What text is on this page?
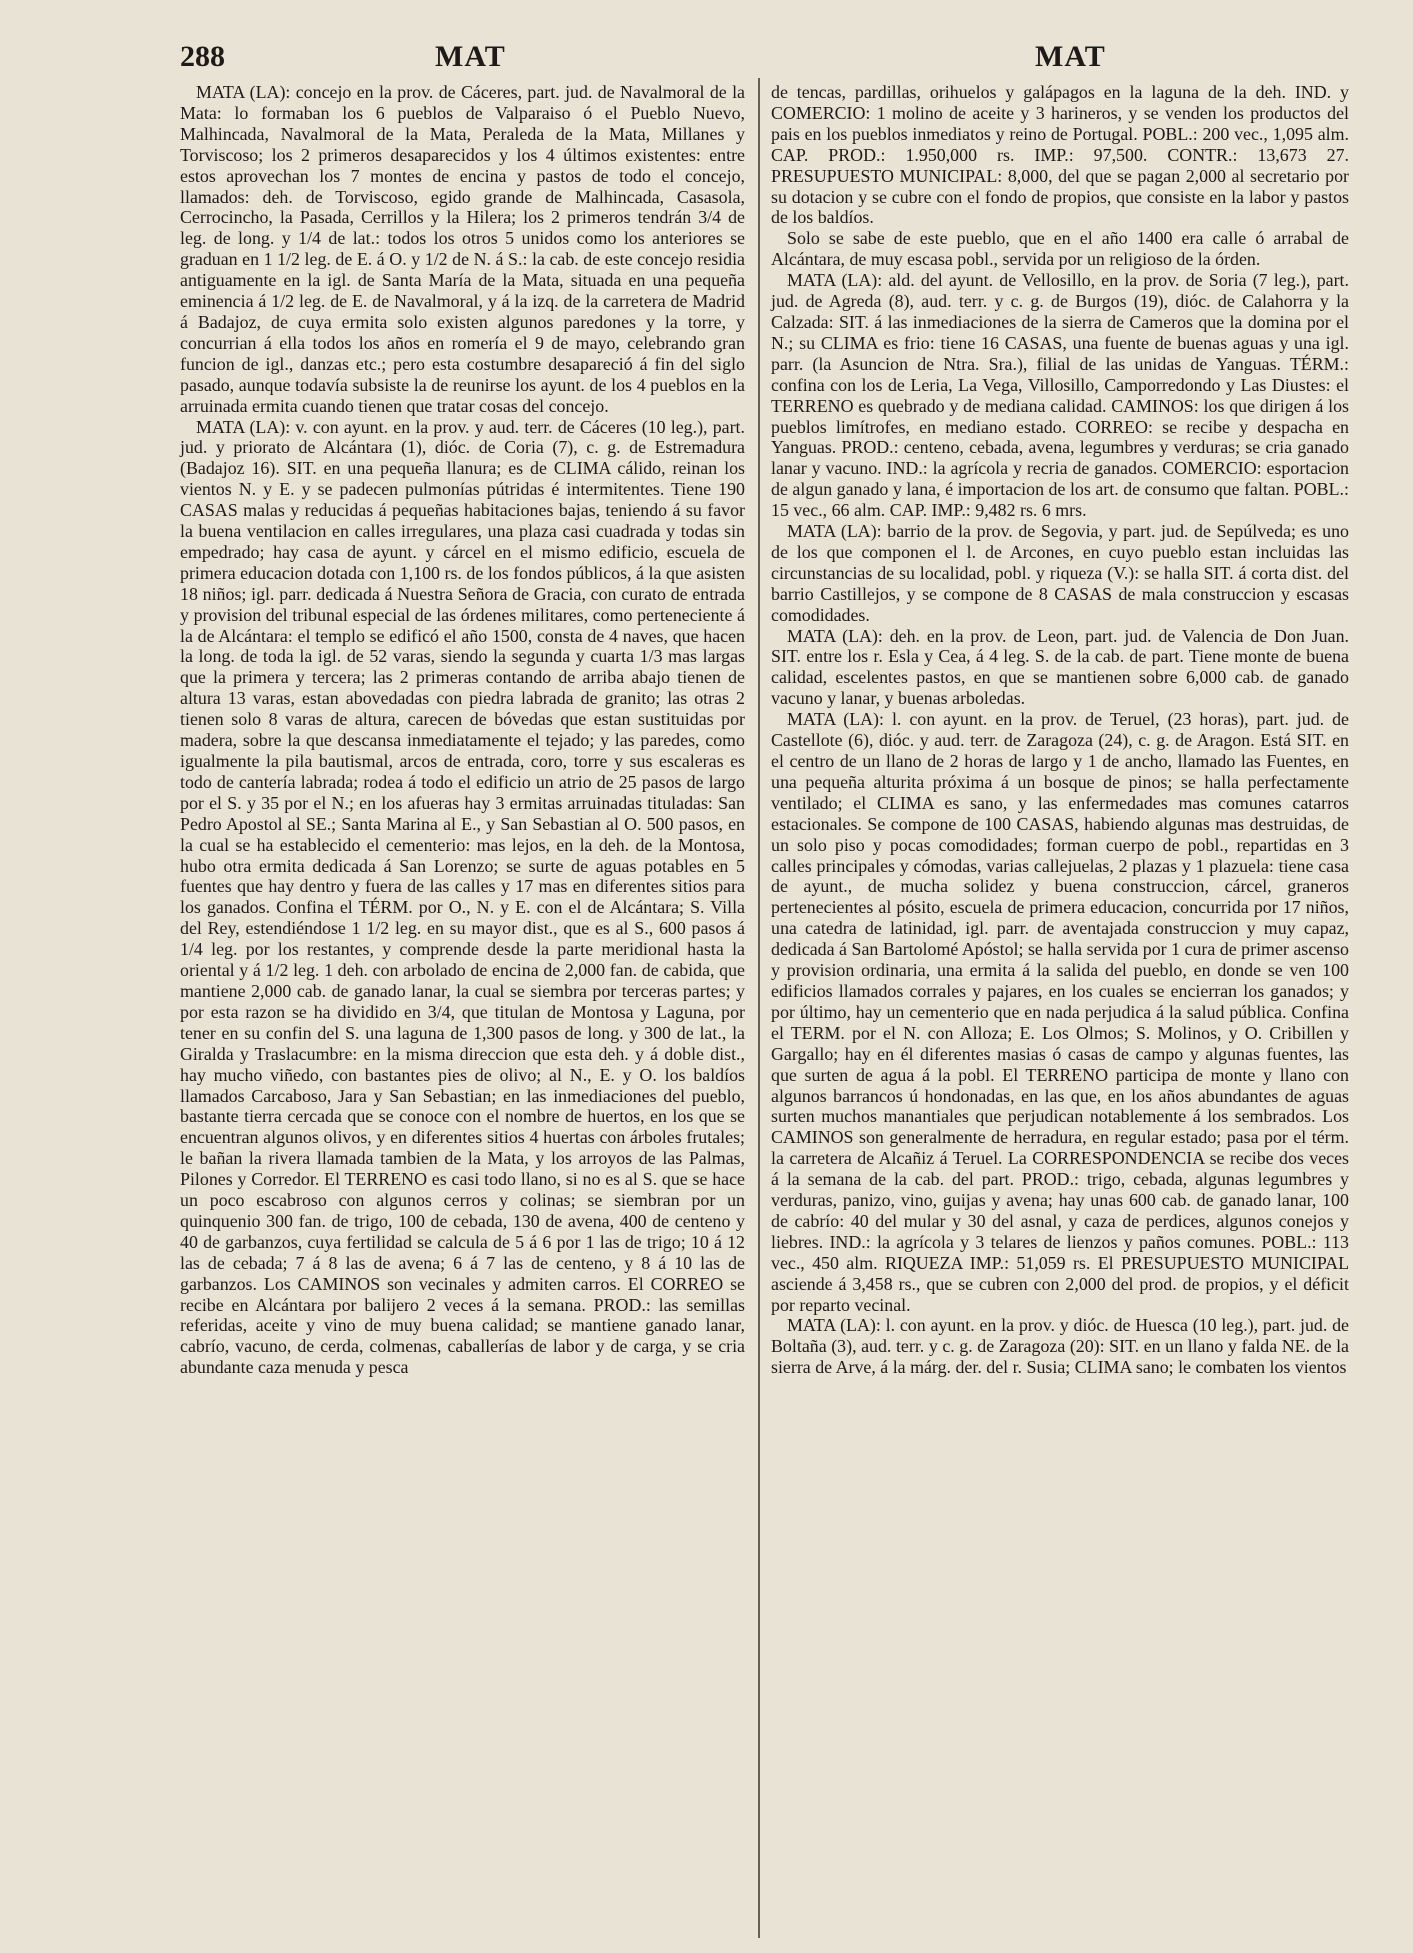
288	MAT	MAT

MATA (LA): concejo en la prov. de Cáceres, part. jud. de Navalmoral de la Mata: lo formaban los 6 pueblos de Valparaiso ó el Pueblo Nuevo, Malhincada, Navalmoral de la Mata, Peraleda de la Mata, Millanes y Torviscoso; los 2 primeros desaparecidos y los 4 últimos existentes: entre estos aprovechan los 7 montes de encina y pastos de todo el concejo, llamados: deh. de Torviscoso, egido grande de Malhincada, Casasola, Cerrocincho, la Pasada, Cerrillos y la Hilera; los 2 primeros tendrán 3/4 de leg. de long. y 1/4 de lat.: todos los otros 5 unidos como los anteriores se graduan en 1 1/2 leg. de E. á O. y 1/2 de N. á S.: la cab. de este concejo residia antiguamente en la igl. de Santa María de la Mata, situada en una pequeña eminencia á 1/2 leg. de E. de Navalmoral, y á la izq. de la carretera de Madrid á Badajoz, de cuya ermita solo existen algunos paredones y la torre, y concurrian á ella todos los años en romería el 9 de mayo, celebrando gran funcion de igl., danzas etc.; pero esta costumbre desapareció á fin del siglo pasado, aunque todavía subsiste la de reunirse los ayunt. de los 4 pueblos en la arruinada ermita cuando tienen que tratar cosas del concejo.

MATA (LA): v. con ayunt. en la prov. y aud. terr. de Cáceres (10 leg.), part. jud. y priorato de Alcántara (1), dióc. de Coria (7), c. g. de Estremadura (Badajoz 16). SIT. en una pequeña llanura; es de CLIMA cálido, reinan los vientos N. y E. y se padecen pulmonías pútridas é intermitentes. Tiene 190 CASAS malas y reducidas á pequeñas habitaciones bajas, teniendo á su favor la buena ventilacion en calles irregulares, una plaza casi cuadrada y todas sin empedrado; hay casa de ayunt. y cárcel en el mismo edificio, escuela de primera educacion dotada con 1,100 rs. de los fondos públicos, á la que asisten 18 niños; igl. parr. dedicada á Nuestra Señora de Gracia, con curato de entrada y provision del tribunal especial de las órdenes militares, como perteneciente á la de Alcántara: el templo se edificó el año 1500, consta de 4 naves, que hacen la long. de toda la igl. de 52 varas, siendo la segunda y cuarta 1/3 mas largas que la primera y tercera; las 2 primeras contando de arriba abajo tienen de altura 13 varas, estan abovedadas con piedra labrada de granito; las otras 2 tienen solo 8 varas de altura, carecen de bóvedas que estan sustituidas por madera, sobre la que descansa inmediatamente el tejado; y las paredes, como igualmente la pila bautismal, arcos de entrada, coro, torre y sus escaleras es todo de cantería labrada; rodea á todo el edificio un atrio de 25 pasos de largo por el S. y 35 por el N.; en los afueras hay 3 ermitas arruinadas tituladas: San Pedro Apostol al SE.; Santa Marina al E., y San Sebastian al O. 500 pasos, en la cual se ha establecido el cementerio: mas lejos, en la deh. de la Montosa, hubo otra ermita dedicada á San Lorenzo; se surte de aguas potables en 5 fuentes que hay dentro y fuera de las calles y 17 mas en diferentes sitios para los ganados. Confina el TÉRM. por O., N. y E. con el de Alcántara; S. Villa del Rey, estendiéndose 1 1/2 leg. en su mayor dist., que es al S., 600 pasos á 1/4 leg. por los restantes, y comprende desde la parte meridional hasta la oriental y á 1/2 leg. 1 deh. con arbolado de encina de 2,000 fan. de cabida, que mantiene 2,000 cab. de ganado lanar, la cual se siembra por terceras partes; y por esta razon se ha dividido en 3/4, que titulan de Montosa y Laguna, por tener en su confin del S. una laguna de 1,300 pasos de long. y 300 de lat., la Giralda y Traslacumbre: en la misma direccion que esta deh. y á doble dist., hay mucho viñedo, con bastantes pies de olivo; al N., E. y O. los baldíos llamados Carcaboso, Jara y San Sebastian; en las inmediaciones del pueblo, bastante tierra cercada que se conoce con el nombre de huertos, en los que se encuentran algunos olivos, y en diferentes sitios 4 huertas con árboles frutales; le bañan la rivera llamada tambien de la Mata, y los arroyos de las Palmas, Pilones y Corredor. El TERRENO es casi todo llano, si no es al S. que se hace un poco escabroso con algunos cerros y colinas; se siembran por un quinquenio 300 fan. de trigo, 100 de cebada, 130 de avena, 400 de centeno y 40 de garbanzos, cuya fertilidad se calcula de 5 á 6 por 1 las de trigo; 10 á 12 las de cebada; 7 á 8 las de avena; 6 á 7 las de centeno, y 8 á 10 las de garbanzos. Los CAMINOS son vecinales y admiten carros. El CORREO se recibe en Alcántara por balijero 2 veces á la semana. PROD.: las semillas referidas, aceite y vino de muy buena calidad; se mantiene ganado lanar, cabrío, vacuno, de cerda, colmenas, caballerías de labor y de carga, y se cria abundante caza menuda y pesca

de tencas, pardillas, orihuelos y galápagos en la laguna de la deh. IND. y COMERCIO: 1 molino de aceite y 3 harineros, y se venden los productos del pais en los pueblos inmediatos y reino de Portugal. POBL.: 200 vec., 1,095 alm. CAP. PROD.: 1.950,000 rs. IMP.: 97,500. CONTR.: 13,673 27. PRESUPUESTO MUNICIPAL: 8,000, del que se pagan 2,000 al secretario por su dotacion y se cubre con el fondo de propios, que consiste en la labor y pastos de los baldíos.

Solo se sabe de este pueblo, que en el año 1400 era calle ó arrabal de Alcántara, de muy escasa pobl., servida por un religioso de la órden.

MATA (LA): ald. del ayunt. de Vellosillo, en la prov. de Soria (7 leg.), part. jud. de Agreda (8), aud. terr. y c. g. de Burgos (19), dióc. de Calahorra y la Calzada: SIT. á las inmediaciones de la sierra de Cameros que la domina por el N.; su CLIMA es frio: tiene 16 CASAS, una fuente de buenas aguas y una igl. parr. (la Asuncion de Ntra. Sra.), filial de las unidas de Yanguas. TÉRM.: confina con los de Leria, La Vega, Villosillo, Camporredondo y Las Diustes: el TERRENO es quebrado y de mediana calidad. CAMINOS: los que dirigen á los pueblos limítrofes, en mediano estado. CORREO: se recibe y despacha en Yanguas. PROD.: centeno, cebada, avena, legumbres y verduras; se cria ganado lanar y vacuno. IND.: la agrícola y recria de ganados. COMERCIO: esportacion de algun ganado y lana, é importacion de los art. de consumo que faltan. POBL.: 15 vec., 66 alm. CAP. IMP.: 9,482 rs. 6 mrs.

MATA (LA): barrio de la prov. de Segovia, y part. jud. de Sepúlveda; es uno de los que componen el l. de Arcones, en cuyo pueblo estan incluidas las circunstancias de su localidad, pobl. y riqueza (V.): se halla SIT. á corta dist. del barrio Castillejos, y se compone de 8 CASAS de mala construccion y escasas comodidades.

MATA (LA): deh. en la prov. de Leon, part. jud. de Valencia de Don Juan. SIT. entre los r. Esla y Cea, á 4 leg. S. de la cab. de part. Tiene monte de buena calidad, escelentes pastos, en que se mantienen sobre 6,000 cab. de ganado vacuno y lanar, y buenas arboledas.

MATA (LA): l. con ayunt. en la prov. de Teruel, (23 horas), part. jud. de Castellote (6), dióc. y aud. terr. de Zaragoza (24), c. g. de Aragon. Está SIT. en el centro de un llano de 2 horas de largo y 1 de ancho, llamado las Fuentes, en una pequeña alturita próxima á un bosque de pinos; se halla perfectamente ventilado; el CLIMA es sano, y las enfermedades mas comunes catarros estacionales. Se compone de 100 CASAS, habiendo algunas mas destruidas, de un solo piso y pocas comodidades; forman cuerpo de pobl., repartidas en 3 calles principales y cómodas, varias callejuelas, 2 plazas y 1 plazuela: tiene casa de ayunt., de mucha solidez y buena construccion, cárcel, graneros pertenecientes al pósito, escuela de primera educacion, concurrida por 17 niños, una catedra de latinidad, igl. parr. de aventajada construccion y muy capaz, dedicada á San Bartolomé Apóstol; se halla servida por 1 cura de primer ascenso y provision ordinaria, una ermita á la salida del pueblo, en donde se ven 100 edificios llamados corrales y pajares, en los cuales se encierran los ganados; y por último, hay un cementerio que en nada perjudica á la salud pública. Confina el TERM. por el N. con Alloza; E. Los Olmos; S. Molinos, y O. Cribillen y Gargallo; hay en él diferentes masias ó casas de campo y algunas fuentes, las que surten de agua á la pobl. El TERRENO participa de monte y llano con algunos barrancos ú hondonadas, en las que, en los años abundantes de aguas surten muchos manantiales que perjudican notablemente á los sembrados. Los CAMINOS son generalmente de herradura, en regular estado; pasa por el térm. la carretera de Alcañiz á Teruel. La CORRESPONDENCIA se recibe dos veces á la semana de la cab. del part. PROD.: trigo, cebada, algunas legumbres y verduras, panizo, vino, guijas y avena; hay unas 600 cab. de ganado lanar, 100 de cabrío: 40 del mular y 30 del asnal, y caza de perdices, algunos conejos y liebres. IND.: la agrícola y 3 telares de lienzos y paños comunes. POBL.: 113 vec., 450 alm. RIQUEZA IMP.: 51,059 rs. El PRESUPUESTO MUNICIPAL asciende á 3,458 rs., que se cubren con 2,000 del prod. de propios, y el déficit por reparto vecinal.

MATA (LA): l. con ayunt. en la prov. y dióc. de Huesca (10 leg.), part. jud. de Boltaña (3), aud. terr. y c. g. de Zaragoza (20): SIT. en un llano y falda NE. de la sierra de Arve, á la márg. der. del r. Susia; CLIMA sano; le combaten los vientos
